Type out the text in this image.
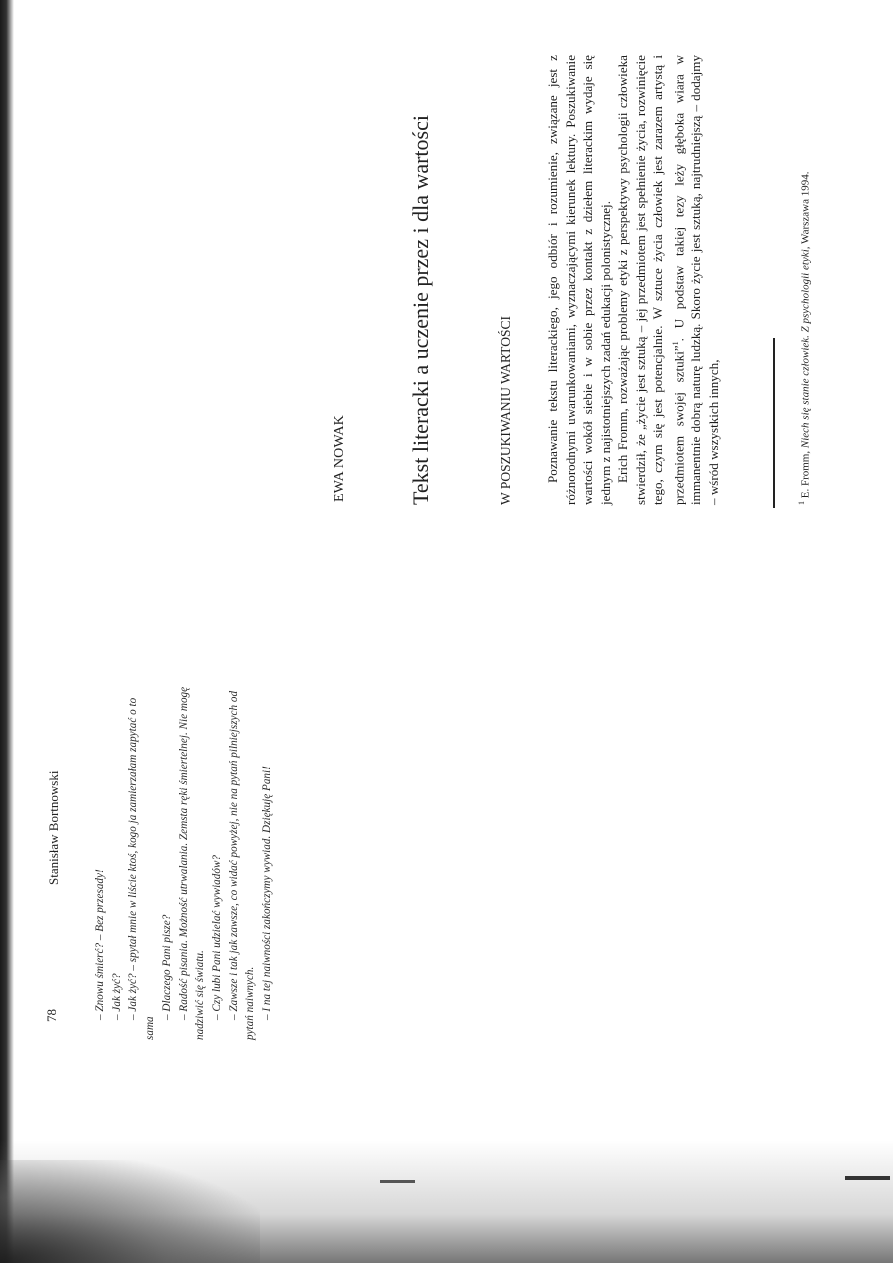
78
Stanisław Bortnowski

– Znowu śmierć? – Bez przesady! – Jak żyć? – Jak żyć? – spytał mnie w liście ktoś, kogo ja zamierzałam zapytać o to

sama

– Dlaczego Pani pisze? – Radość pisania. Możność utrwalania. Zemsta ręki śmiertelnej. Nie mogę nadziwić się światu. – Czy lubi Pani udzielać wywiadów? – Zawsze i tak jak zawsze, co widać powyżej, nie na pytań pilniejszych od pytań naiwnych. – I na tej naiwności zakończymy wywiad. Dziękuję Pani!

EWA NOWAK	Tekst literacki a uczenie przez i dla wartości	W POSZUKIWANIU WARTOŚCI Poznawanie tekstu literackiego, jego odbiór i rozumienie, związane jest z różnorodnymi uwarunkowaniami, wyznaczającymi kierunek lektury. Poszukiwanie wartości wokół siebie i w sobie przez kontakt z dziełem literackim wydaje się jednym z najistotniejszych zadań edukacji polonistycznej. Erich Fromm, rozważając problemy etyki z perspektywy psychologii człowieka stwierdził, że „życie jest sztuką – jej przedmiotem jest spełnienie życia, rozwinięcie tego, czym się jest potencjalnie. W sztuce życia człowiek jest zarazem artystą i przedmiotem swojej sztuki”$^1$. U podstaw takiej tezy leży głęboka wiara w immanentnie dobrą naturę ludzką. Skoro życie jest sztuką, najtrudniejszą – dodajmy – wśród wszystkich innych,	$^1$ E. Fromm, Niech się stanie człowiek. Z psychologii etyki, Warszawa 1994.
